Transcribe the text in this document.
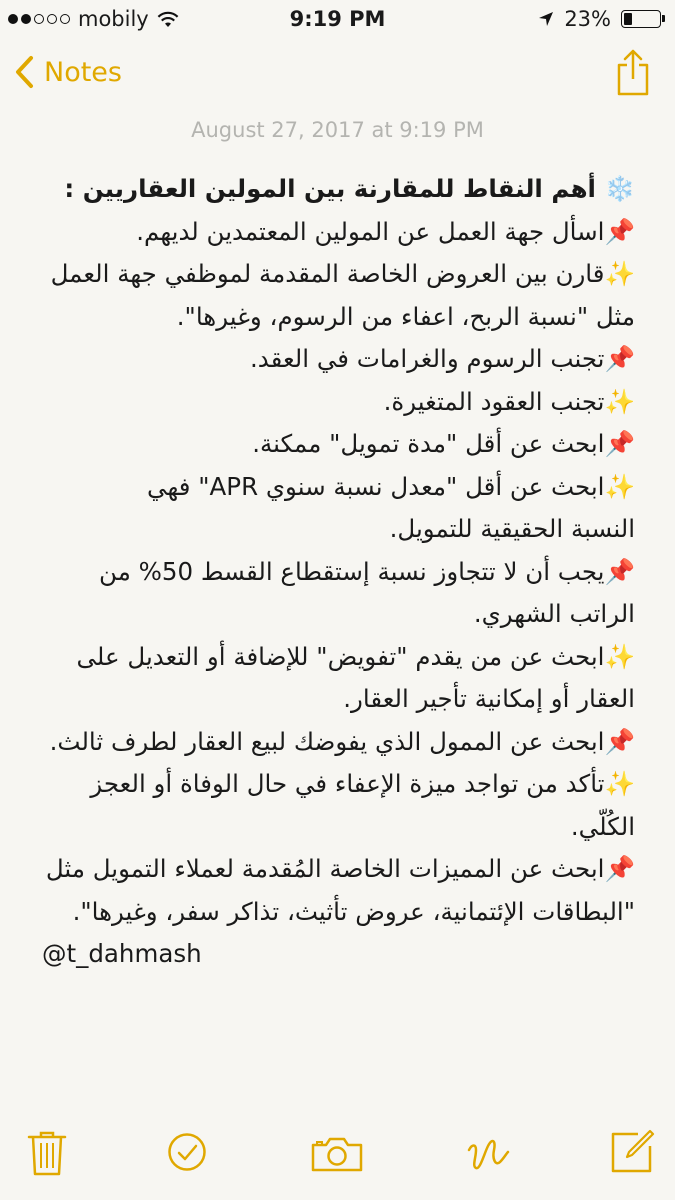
mobily	9:19 PM	23%
Notes
August 27, 2017 at 9:19 PM
❄️ أهم النقاط للمقارنة بين المولين العقاريين :
📌اسأل جهة العمل عن المولين المعتمدين لديهم.
✨قارن بين العروض الخاصة المقدمة لموظفي جهة العمل
مثل "نسبة الربح، اعفاء من الرسوم، وغيرها".
📌تجنب الرسوم والغرامات في العقد.
✨تجنب العقود المتغيرة.
📌ابحث عن أقل "مدة تمويل" ممكنة.
✨ابحث عن أقل "معدل نسبة سنوي APR" فهي
النسبة الحقيقية للتمويل.
📌يجب أن لا تتجاوز نسبة إستقطاع القسط 50% من
الراتب الشهري.
✨ابحث عن من يقدم "تفويض" للإضافة أو التعديل على
العقار أو إمكانية تأجير العقار.
📌ابحث عن الممول الذي يفوضك لبيع العقار لطرف ثالث.
✨تأكد من تواجد ميزة الإعفاء في حال الوفاة أو العجز
الكُلّي.
📌ابحث عن المميزات الخاصة المُقدمة لعملاء التمويل مثل
"البطاقات الإئتمانية، عروض تأثيث، تذاكر سفر، وغيرها".
@t_dahmash
